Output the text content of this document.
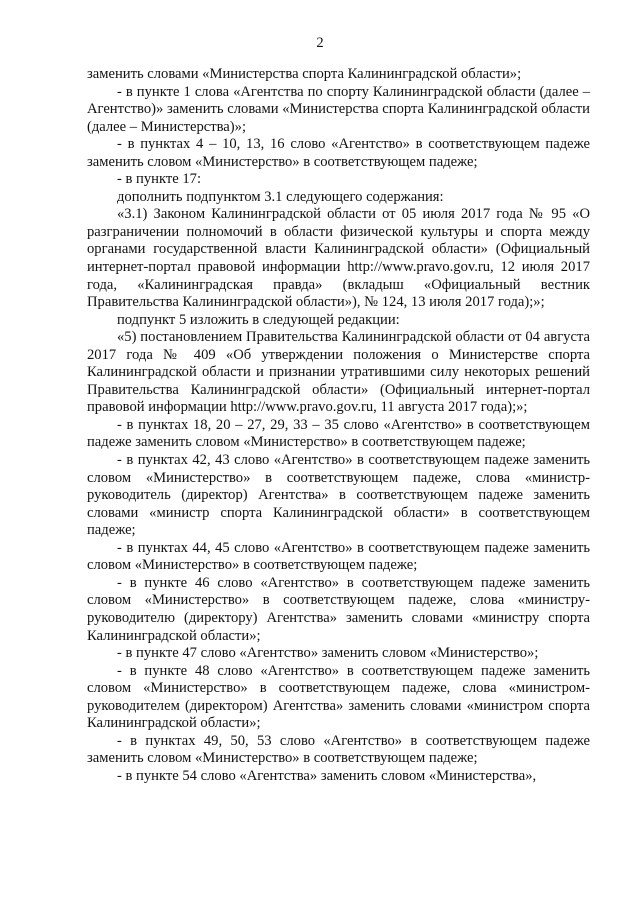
2

заменить словами «Министерства спорта Калининградской области»;

- в пункте 1 слова «Агентства по спорту Калининградской области (далее – Агентство)» заменить словами «Министерства спорта Калининградской области (далее – Министерства)»;

- в пунктах 4 – 10, 13, 16 слово «Агентство» в соответствующем падеже заменить словом «Министерство» в соответствующем падеже;

- в пункте 17:

дополнить подпунктом 3.1 следующего содержания:

«3.1) Законом Калининградской области от 05 июля 2017 года № 95 «О разграничении полномочий в области физической культуры и спорта между органами государственной власти Калининградской области» (Официальный интернет-портал правовой информации http://www.pravo.gov.ru, 12 июля 2017 года, «Калининградская правда» (вкладыш «Официальный вестник Правительства Калининградской области»), № 124, 13 июля 2017 года);»;

подпункт 5 изложить в следующей редакции:

«5) постановлением Правительства Калининградской области от 04 августа 2017 года № 409 «Об утверждении положения о Министерстве спорта Калининградской области и признании утратившими силу некоторых решений Правительства Калининградской области» (Официальный интернет-портал правовой информации http://www.pravo.gov.ru, 11 августа 2017 года);»;

- в пунктах 18, 20 – 27, 29, 33 – 35 слово «Агентство» в соответствующем падеже заменить словом «Министерство» в соответствующем падеже;

- в пунктах 42, 43 слово «Агентство» в соответствующем падеже заменить словом «Министерство» в соответствующем падеже, слова «министр-руководитель (директор) Агентства» в соответствующем падеже заменить словами «министр спорта Калининградской области» в соответствующем падеже;

- в пунктах 44, 45 слово «Агентство» в соответствующем падеже заменить словом «Министерство» в соответствующем падеже;

- в пункте 46 слово «Агентство» в соответствующем падеже заменить словом «Министерство» в соответствующем падеже, слова «министру-руководителю (директору) Агентства» заменить словами «министру спорта Калининградской области»;

- в пункте 47 слово «Агентство» заменить словом «Министерство»;

- в пункте 48 слово «Агентство» в соответствующем падеже заменить словом «Министерство» в соответствующем падеже, слова «министром-руководителем (директором) Агентства» заменить словами «министром спорта Калининградской области»;

- в пунктах 49, 50, 53 слово «Агентство» в соответствующем падеже заменить словом «Министерство» в соответствующем падеже;

- в пункте 54 слово «Агентства» заменить словом «Министерства»,
